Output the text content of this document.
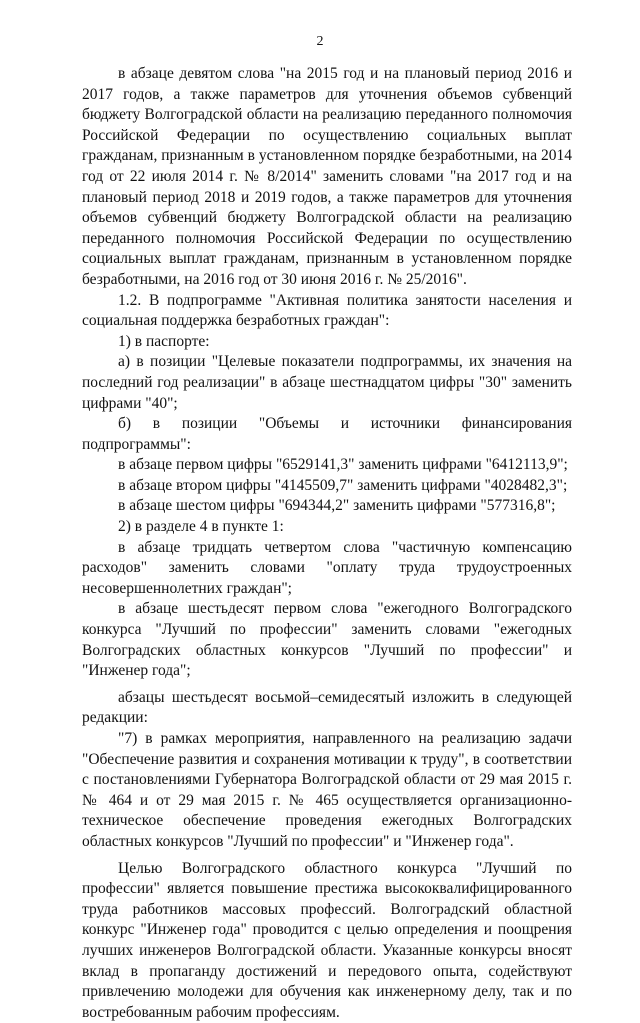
2

в абзаце девятом слова "на 2015 год и на плановый период 2016 и 2017 годов, а также параметров для уточнения объемов субвенций бюджету Волгоградской области на реализацию переданного полномочия Российской Федерации по осуществлению социальных выплат гражданам, признанным в установленном порядке безработными, на 2014 год от 22 июля 2014 г. № 8/2014" заменить словами "на 2017 год и на плановый период 2018 и 2019 годов, а также параметров для уточнения объемов субвенций бюджету Волгоградской области на реализацию переданного полномочия Российской Федерации по осуществлению социальных выплат гражданам, признанным в установленном порядке безработными, на 2016 год от 30 июня 2016 г. № 25/2016".

1.2. В подпрограмме "Активная политика занятости населения и социальная поддержка безработных граждан":

1) в паспорте:

а) в позиции "Целевые показатели подпрограммы, их значения на последний год реализации" в абзаце шестнадцатом цифры "30" заменить цифрами "40";

б) в позиции "Объемы и источники финансирования подпрограммы":

в абзаце первом цифры "6529141,3" заменить цифрами "6412113,9";

в абзаце втором цифры "4145509,7" заменить цифрами "4028482,3";

в абзаце шестом цифры "694344,2" заменить цифрами "577316,8";

2) в разделе 4 в пункте 1:

в абзаце тридцать четвертом слова "частичную компенсацию расходов" заменить словами "оплату труда трудоустроенных несовершеннолетних граждан";

в абзаце шестьдесят первом слова "ежегодного Волгоградского конкурса "Лучший по профессии" заменить словами "ежегодных Волгоградских областных конкурсов "Лучший по профессии" и "Инженер года";

абзацы шестьдесят восьмой–семидесятый изложить в следующей редакции:

"7) в рамках мероприятия, направленного на реализацию задачи "Обеспечение развития и сохранения мотивации к труду", в соответствии с постановлениями Губернатора Волгоградской области от 29 мая 2015 г. № 464 и от 29 мая 2015 г. № 465 осуществляется организационно-техническое обеспечение проведения ежегодных Волгоградских областных конкурсов "Лучший по профессии" и "Инженер года".

Целью Волгоградского областного конкурса "Лучший по профессии" является повышение престижа высококвалифицированного труда работников массовых профессий. Волгоградский областной конкурс "Инженер года" проводится с целью определения и поощрения лучших инженеров Волгоградской области. Указанные конкурсы вносят вклад в пропаганду достижений и передового опыта, содействуют привлечению молодежи для обучения как инженерному делу, так и по востребованным рабочим профессиям.
